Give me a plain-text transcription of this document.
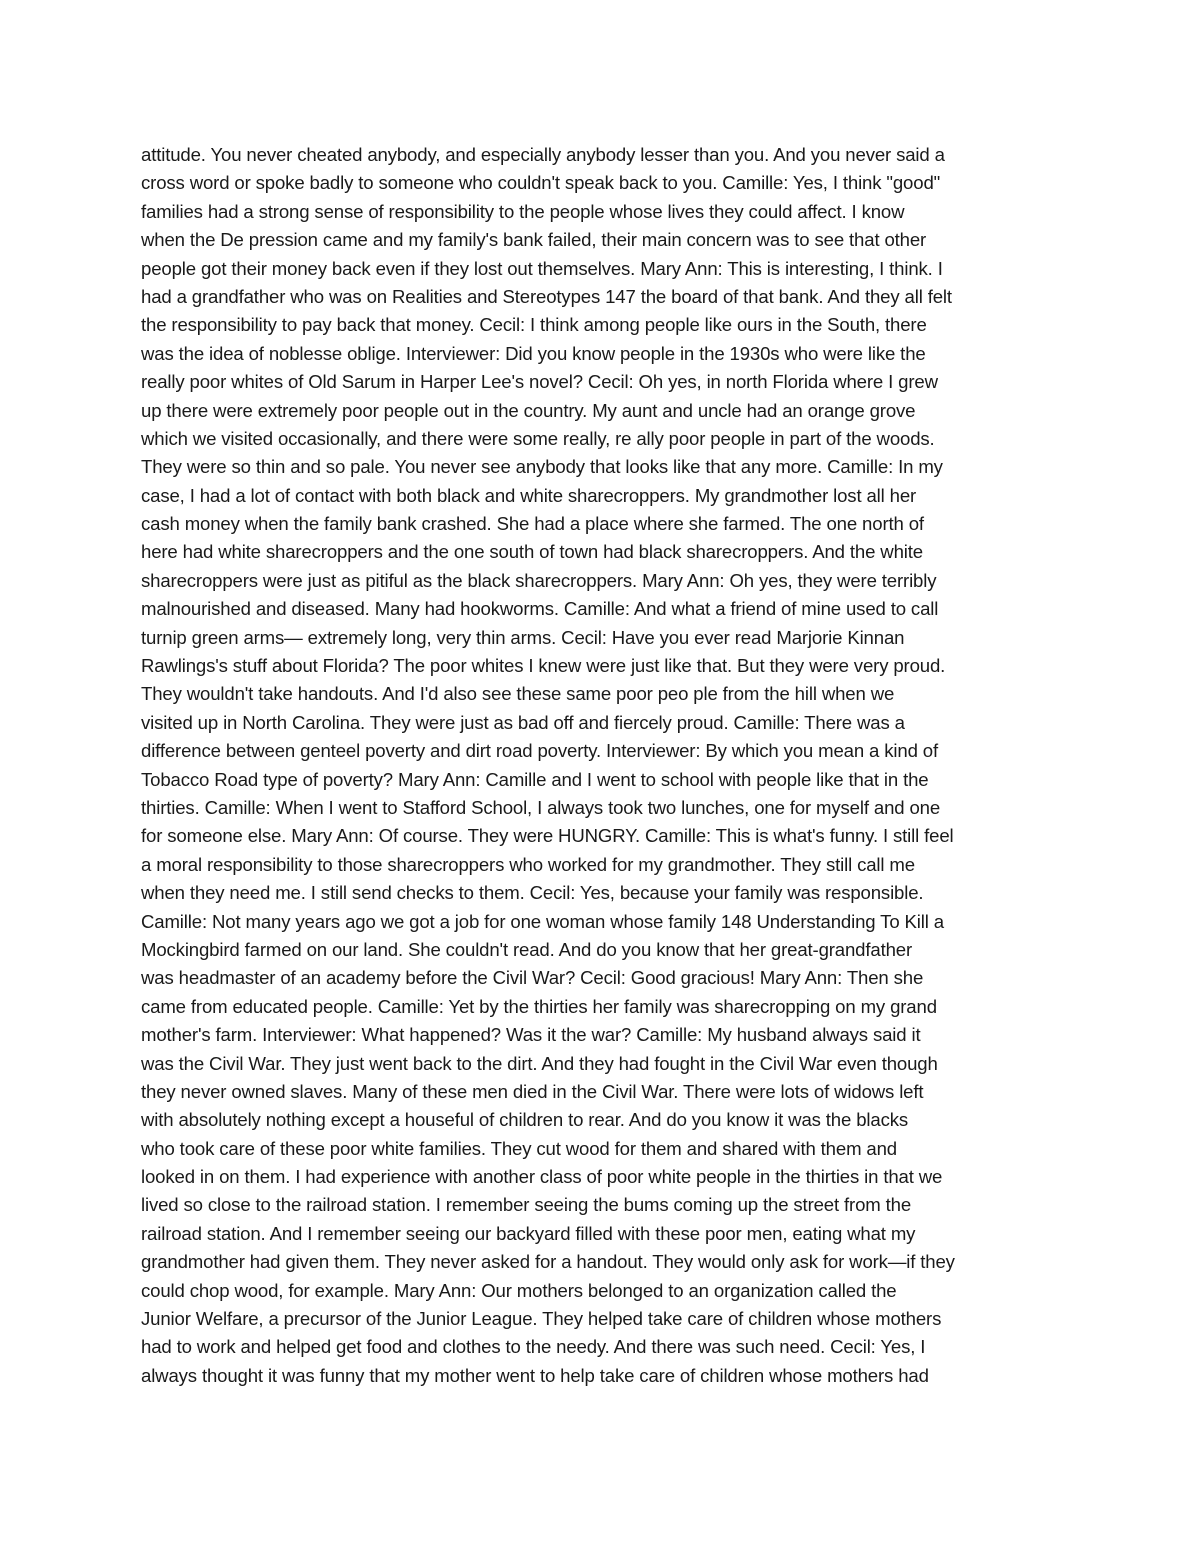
attitude. You never cheated anybody, and especially anybody lesser than you. And you never said a
cross word or spoke badly to someone who couldn't speak back to you. Camille: Yes, I think "good"
families had a strong sense of responsibility to the people whose lives they could affect. I know
when the De pression came and my family's bank failed, their main concern was to see that other
people got their money back even if they lost out themselves. Mary Ann: This is interesting, I think. I
had a grandfather who was on Realities and Stereotypes 147 the board of that bank. And they all felt
the responsibility to pay back that money. Cecil: I think among people like ours in the South, there
was the idea of noblesse oblige. Interviewer: Did you know people in the 1930s who were like the
really poor whites of Old Sarum in Harper Lee's novel? Cecil: Oh yes, in north Florida where I grew
up there were extremely poor people out in the country. My aunt and uncle had an orange grove
which we visited occasionally, and there were some really, re ally poor people in part of the woods.
They were so thin and so pale. You never see anybody that looks like that any more. Camille: In my
case, I had a lot of contact with both black and white sharecroppers. My grandmother lost all her
cash money when the family bank crashed. She had a place where she farmed. The one north of
here had white sharecroppers and the one south of town had black sharecroppers. And the white
sharecroppers were just as pitiful as the black sharecroppers. Mary Ann: Oh yes, they were terribly
malnourished and diseased. Many had hookworms. Camille: And what a friend of mine used to call
turnip green arms— extremely long, very thin arms. Cecil: Have you ever read Marjorie Kinnan
Rawlings's stuff about Florida? The poor whites I knew were just like that. But they were very proud.
They wouldn't take handouts. And I'd also see these same poor peo ple from the hill when we
visited up in North Carolina. They were just as bad off and fiercely proud. Camille: There was a
difference between genteel poverty and dirt road poverty. Interviewer: By which you mean a kind of
Tobacco Road type of poverty? Mary Ann: Camille and I went to school with people like that in the
thirties. Camille: When I went to Stafford School, I always took two lunches, one for myself and one
for someone else. Mary Ann: Of course. They were HUNGRY. Camille: This is what's funny. I still feel
a moral responsibility to those sharecroppers who worked for my grandmother. They still call me
when they need me. I still send checks to them. Cecil: Yes, because your family was responsible.
Camille: Not many years ago we got a job for one woman whose family 148 Understanding To Kill a
Mockingbird farmed on our land. She couldn't read. And do you know that her great-grandfather
was headmaster of an academy before the Civil War? Cecil: Good gracious! Mary Ann: Then she
came from educated people. Camille: Yet by the thirties her family was sharecropping on my grand
mother's farm. Interviewer: What happened? Was it the war? Camille: My husband always said it
was the Civil War. They just went back to the dirt. And they had fought in the Civil War even though
they never owned slaves. Many of these men died in the Civil War. There were lots of widows left
with absolutely nothing except a houseful of children to rear. And do you know it was the blacks
who took care of these poor white families. They cut wood for them and shared with them and
looked in on them. I had experience with another class of poor white people in the thirties in that we
lived so close to the railroad station. I remember seeing the bums coming up the street from the
railroad station. And I remember seeing our backyard filled with these poor men, eating what my
grandmother had given them. They never asked for a handout. They would only ask for work—if they
could chop wood, for example. Mary Ann: Our mothers belonged to an organization called the
Junior Welfare, a precursor of the Junior League. They helped take care of children whose mothers
had to work and helped get food and clothes to the needy. And there was such need. Cecil: Yes, I
always thought it was funny that my mother went to help take care of children whose mothers had
